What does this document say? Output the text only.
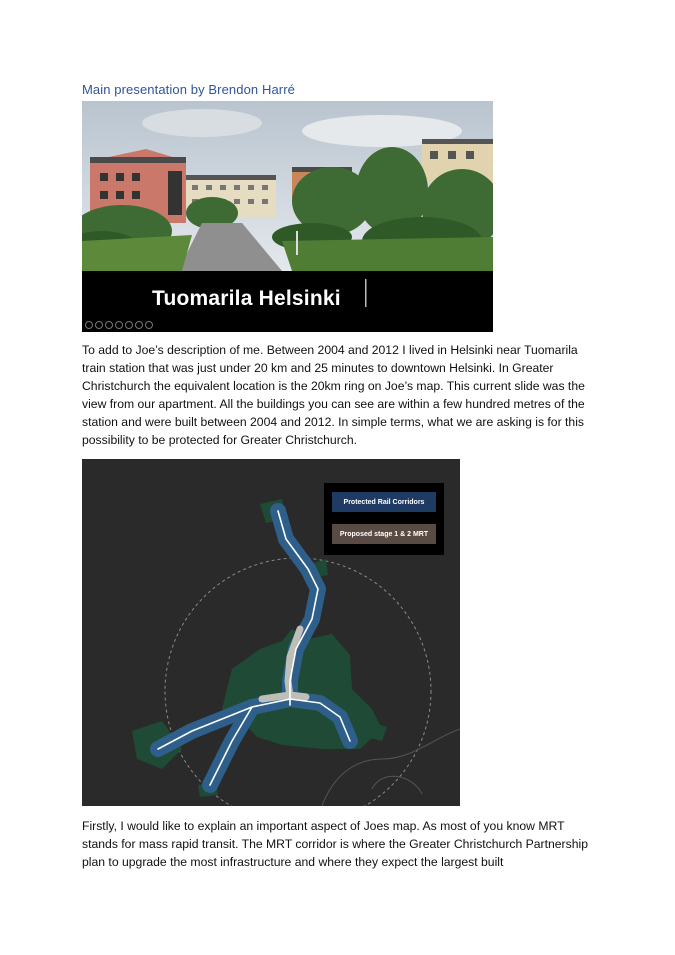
Main presentation by Brendon Harré
Tuomarila Helsinki
To add to Joe’s description of me. Between 2004 and 2012 I lived in Helsinki near Tuomarila train station that was just under 20 km and 25 minutes to downtown Helsinki. In Greater Christchurch the equivalent location is the 20km ring on Joe’s map. This current slide was the view from our apartment. All the buildings you can see are within a few hundred metres of the station and were built between 2004 and 2012. In simple terms, what we are asking is for this possibility to be protected for Greater Christchurch.
Protected Rail Corridors
Proposed stage 1 & 2 MRT
Firstly, I would like to explain an important aspect of Joes map. As most of you know MRT stands for mass rapid transit. The MRT corridor is where the Greater Christchurch Partnership plan to upgrade the most infrastructure and where they expect the largest built
